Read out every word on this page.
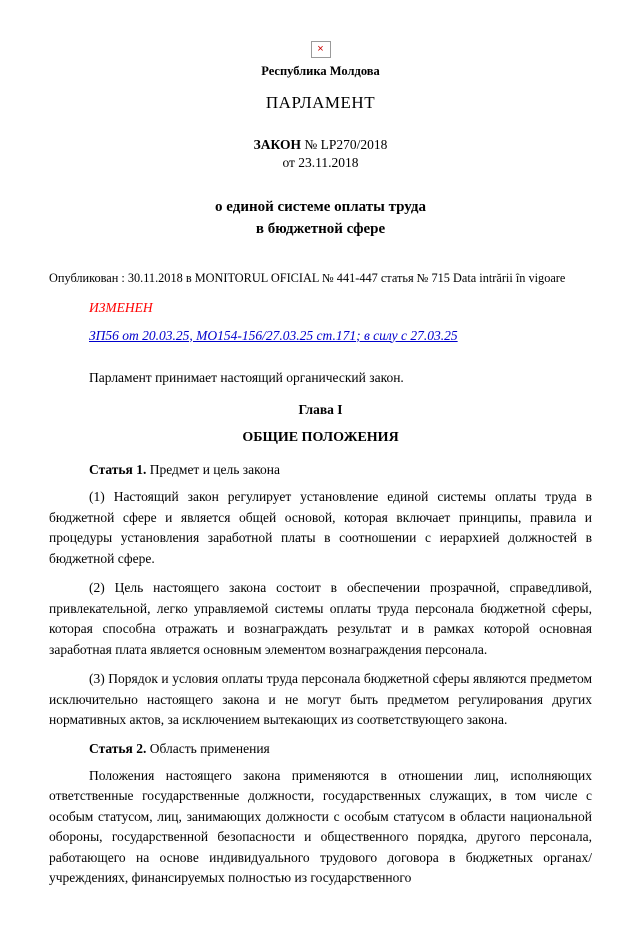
×
Республика Молдова
ПАРЛАМЕНТ
ЗАКОН № LP270/2018
от 23.11.2018
о единой системе оплаты труда
в бюджетной сфере
Опубликован : 30.11.2018 в MONITORUL OFICIAL № 441-447 статья № 715 Data intrării în vigoare
ИЗМЕНЕН
ЗП56 от 20.03.25, MO154-156/27.03.25 ст.171; в силу с 27.03.25

Парламент принимает настоящий органический закон.

Глава I
ОБЩИЕ ПОЛОЖЕНИЯ
Статья 1. Предмет и цель закона

(1) Настоящий закон регулирует установление единой системы оплаты труда в бюджетной сфере и является общей основой, которая включает принципы, правила и процедуры установления заработной платы в соотношении с иерархией должностей в бюджетной сфере.

(2) Цель настоящего закона состоит в обеспечении прозрачной, справедливой, привлекательной, легко управляемой системы оплаты труда персонала бюджетной сферы, которая способна отражать и вознаграждать результат и в рамках которой основная заработная плата является основным элементом вознаграждения персонала.

(3) Порядок и условия оплаты труда персонала бюджетной сферы являются предметом исключительно настоящего закона и не могут быть предметом регулирования других нормативных актов, за исключением вытекающих из соответствующего закона.

Статья 2. Область применения

Положения настоящего закона применяются в отношении лиц, исполняющих ответственные государственные должности, государственных служащих, в том числе с особым статусом, лиц, занимающих должности с особым статусом в области национальной обороны, государственной безопасности и общественного порядка, другого персонала, работающего на основе индивидуального трудового договора в бюджетных органах/учреждениях, финансируемых полностью из государственного
